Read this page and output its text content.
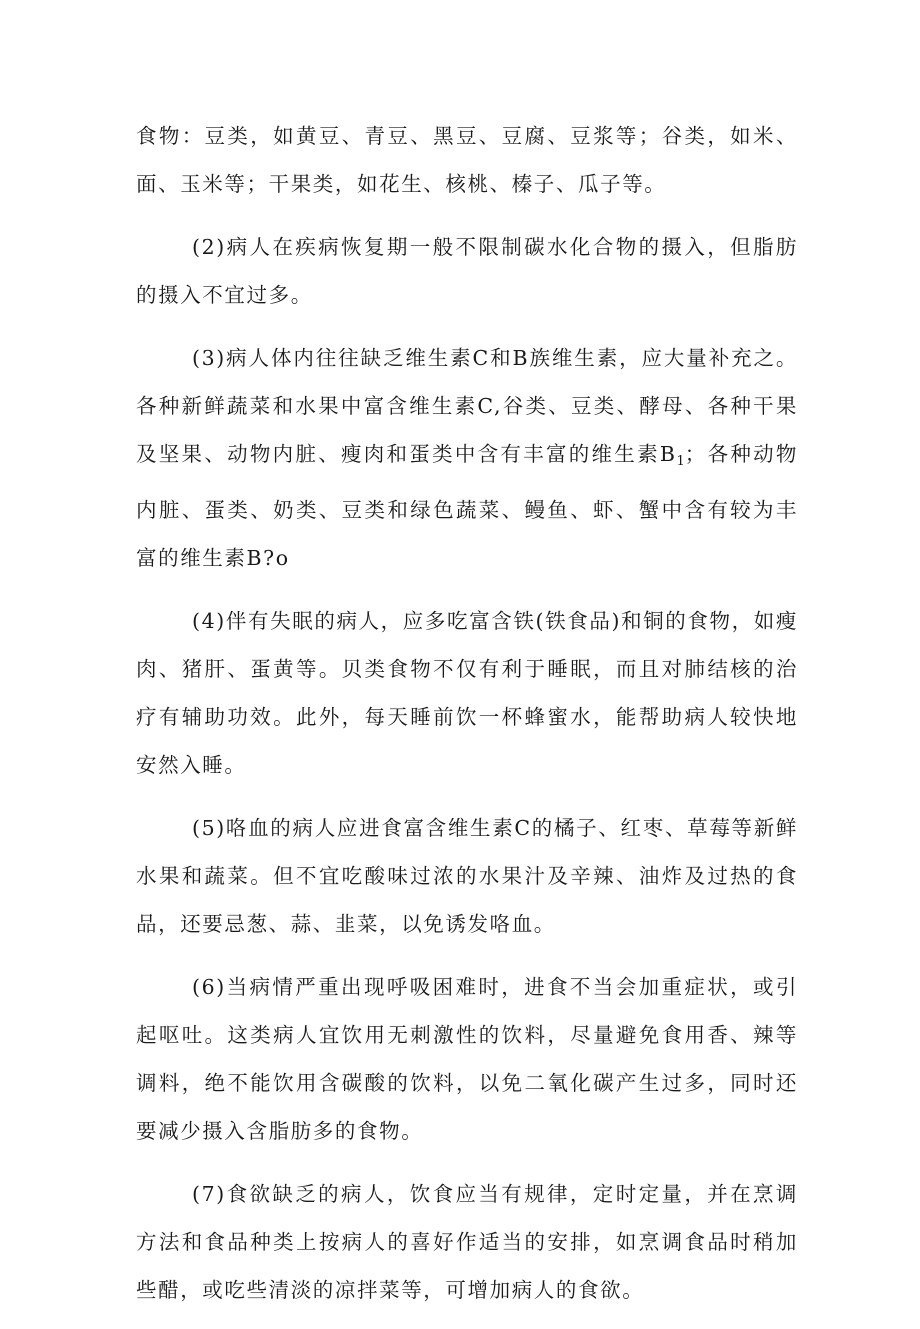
食物：豆类，如黄豆、青豆、黑豆、豆腐、豆浆等；谷类，如米、面、玉米等；干果类，如花生、核桃、榛子、瓜子等。

(2)病人在疾病恢复期一般不限制碳水化合物的摄入，但脂肪的摄入不宜过多。

(3)病人体内往往缺乏维生素C和B族维生素，应大量补充之。各种新鲜蔬菜和水果中富含维生素C,谷类、豆类、酵母、各种干果及坚果、动物内脏、瘦肉和蛋类中含有丰富的维生素$B_1$；各种动物内脏、蛋类、奶类、豆类和绿色蔬菜、鳗鱼、虾、蟹中含有较为丰富的维生素B?o

(4)伴有失眠的病人，应多吃富含铁(铁食品)和铜的食物，如瘦肉、猪肝、蛋黄等。贝类食物不仅有利于睡眠，而且对肺结核的治疗有辅助功效。此外，每天睡前饮一杯蜂蜜水，能帮助病人较快地安然入睡。

(5)咯血的病人应进食富含维生素C的橘子、红枣、草莓等新鲜水果和蔬菜。但不宜吃酸味过浓的水果汁及辛辣、油炸及过热的食品，还要忌葱、蒜、韭菜，以免诱发咯血。

(6)当病情严重出现呼吸困难时，进食不当会加重症状，或引起呕吐。这类病人宜饮用无刺激性的饮料，尽量避免食用香、辣等调料，绝不能饮用含碳酸的饮料，以免二氧化碳产生过多，同时还要减少摄入含脂肪多的食物。

(7)食欲缺乏的病人，饮食应当有规律，定时定量，并在烹调方法和食品种类上按病人的喜好作适当的安排，如烹调食品时稍加些醋，或吃些清淡的凉拌菜等，可增加病人的食欲。
